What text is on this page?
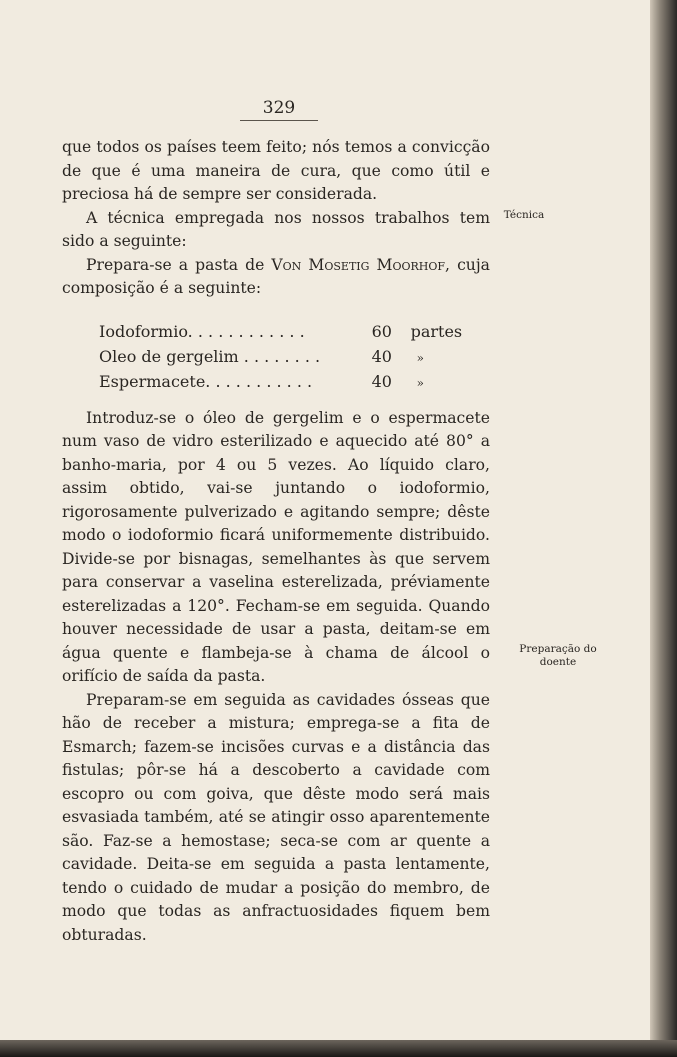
329
Técnica
Preparação do
doente

que todos os países teem feito; nós temos a convicção de que é uma maneira de cura, que como útil e preciosa há de sempre ser considerada.

A técnica empregada nos nossos trabalhos tem sido a seguinte:

Prepara-se a pasta de Von Mosetig Moorhof, cuja composição é a seguinte:

Iodoformio. . . . . . . . . . . .	60	partes
Oleo de gergelim . . . . . . . .	40	»
Espermacete. . . . . . . . . . .	40	»

Introduz-se o óleo de gergelim e o espermacete num vaso de vidro esterilizado e aquecido até 80° a banho-maria, por 4 ou 5 vezes. Ao líquido claro, assim obtido, vai-se juntando o iodoformio, rigorosamente pulverizado e agitando sempre; dêste modo o iodoformio ficará uniformemente distribuido. Divide-se por bisnagas, semelhantes às que servem para conservar a vaselina esterelizada, préviamente esterelizadas a 120°. Fecham-se em seguida. Quando houver necessidade de usar a pasta, deitam-se em água quente e flambeja-se à chama de álcool o orifício de saída da pasta.

Preparam-se em seguida as cavidades ósseas que hão de receber a mistura; emprega-se a fita de Esmarch; fazem-se incisões curvas e a distância das fistulas; pôr-se há a descoberto a cavidade com escopro ou com goiva, que dêste modo será mais esvasiada também, até se atingir osso aparentemente são. Faz-se a hemostase; seca-se com ar quente a cavidade. Deita-se em seguida a pasta lentamente, tendo o cuidado de mudar a posição do membro, de modo que todas as anfractuosidades fiquem bem obturadas.
